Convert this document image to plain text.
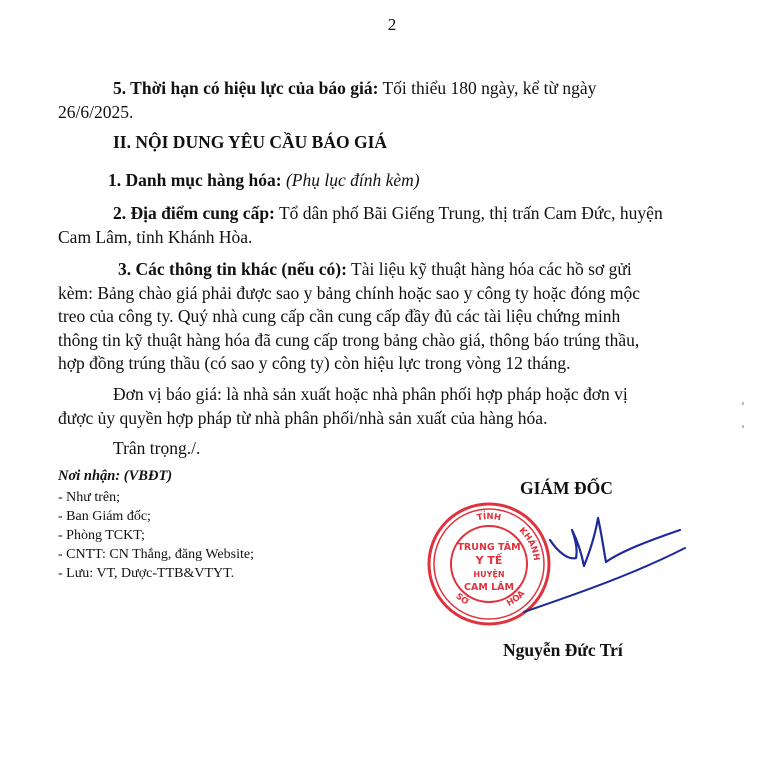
2

5. Thời hạn có hiệu lực của báo giá: Tối thiểu 180 ngày, kể từ ngày
26/6/2025.

II. NỘI DUNG YÊU CẦU BÁO GIÁ

1. Danh mục hàng hóa: (Phụ lục đính kèm)

2. Địa điểm cung cấp: Tổ dân phố Bãi Giếng Trung, thị trấn Cam Đức, huyện
Cam Lâm, tỉnh Khánh Hòa.

3. Các thông tin khác (nếu có): Tài liệu kỹ thuật hàng hóa các hồ sơ gửi
kèm: Bảng chào giá phải được sao y bảng chính hoặc sao y công ty hoặc đóng mộc
treo của công ty. Quý nhà cung cấp cần cung cấp đầy đủ các tài liệu chứng minh
thông tin kỹ thuật hàng hóa đã cung cấp trong bảng chào giá, thông báo trúng thầu,
hợp đồng trúng thầu (có sao y công ty) còn hiệu lực trong vòng 12 tháng.

Đơn vị báo giá: là nhà sản xuất hoặc nhà phân phối hợp pháp hoặc đơn vị
được ủy quyền hợp pháp từ nhà phân phối/nhà sản xuất của hàng hóa.

Trân trọng./.

Nơi nhận: (VBĐT)
- Như trên;
- Ban Giám đốc;
- Phòng TCKT;
- CNTT: CN Thắng, đăng Website;
- Lưu: VT, Dược-TTB&VTYT.
GIÁM ĐỐC
TỈNH
KHÁNH
SỞ	HÒA
TRUNG TÂM
Y TẾ
HUYỆN
CAM LÂM
Nguyễn Đức Trí
